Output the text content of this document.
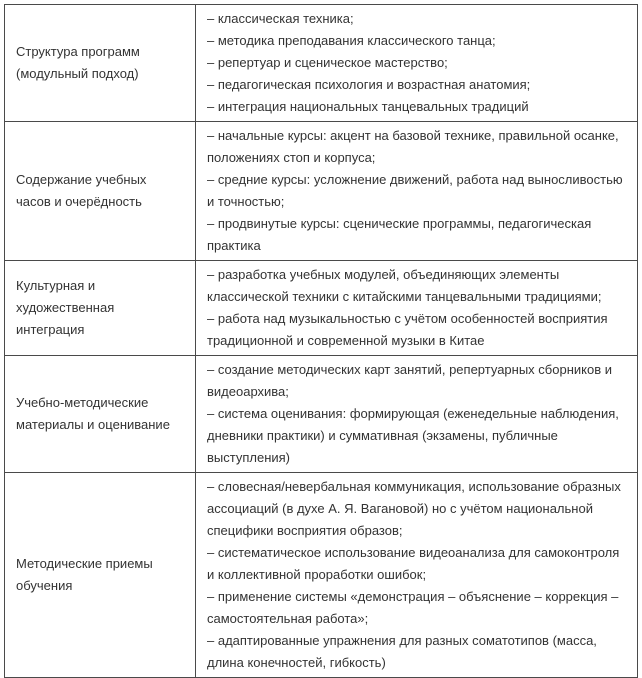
Структура программ (модульный подход)	– классическая техника;
– методика преподавания классического танца;
– репертуар и сценическое мастерство;
– педагогическая психология и возрастная анатомия;
– интеграция национальных танцевальных традиций

Содержание учебных часов и очерёдность	– начальные курсы: акцент на базовой технике, правильной осанке, положениях стоп и корпуса;
– средние курсы: усложнение движений, работа над выносливостью и точностью;
– продвинутые курсы: сценические программы, педагогическая практика

Культурная и художественная интеграция	– разработка учебных модулей, объединяющих элементы классической техники с китайскими танцевальными традициями;
– работа над музыкальностью с учётом особенностей восприятия традиционной и современной музыки в Китае

Учебно-методические материалы и оценивание	– создание методических карт занятий, репертуарных сборников и видеоархива;
– система оценивания: формирующая (еженедельные наблюдения, дневники практики) и суммативная (экзамены, публичные выступления)

Методические приемы обучения	– словесная/невербальная коммуникация, использование образных ассоциаций (в духе А. Я. Вагановой) но с учётом национальной специфики восприятия образов;
– систематическое использование видеоанализа для самоконтроля и коллективной проработки ошибок;
– применение системы «демонстрация – объяснение – коррекция – самостоятельная работа»;
– адаптированные упражнения для разных соматотипов (масса, длина конечностей, гибкость)
